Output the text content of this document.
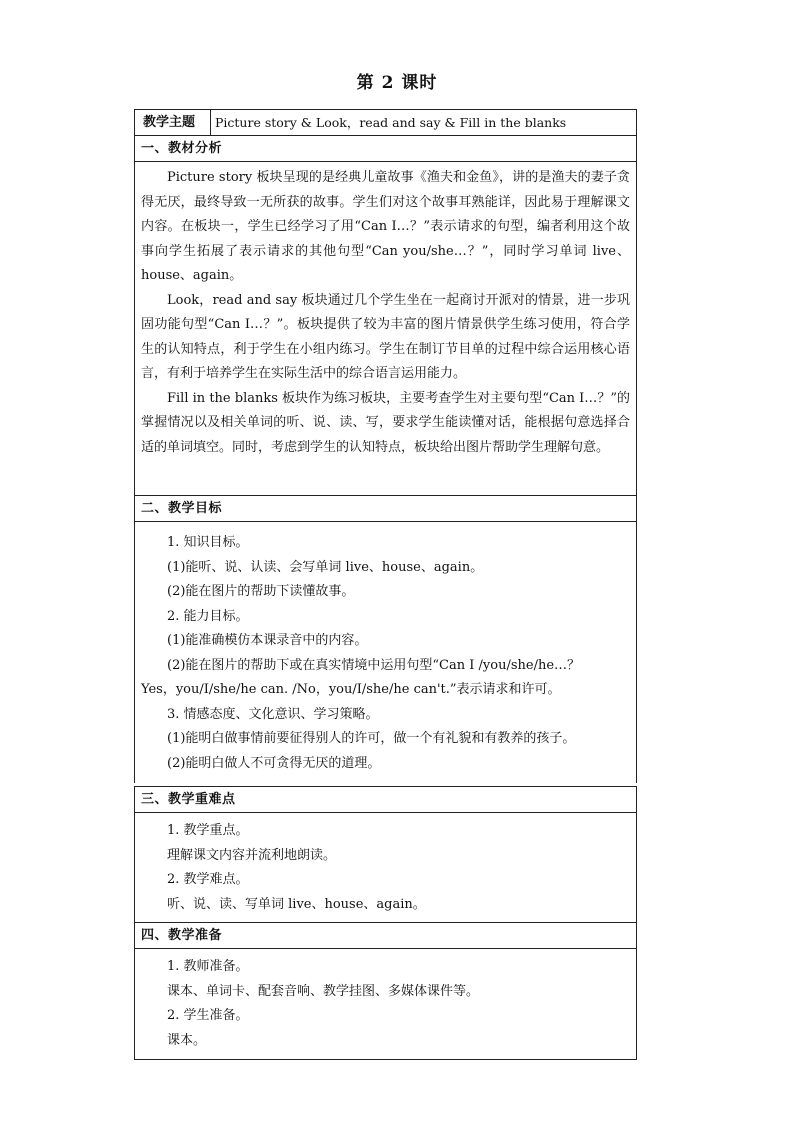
第 2 课时
教学主题	Picture story & Look，read and say & Fill in the blanks
一、教材分析

Picture story 板块呈现的是经典儿童故事《渔夫和金鱼》，讲的是渔夫的妻子贪得无厌，最终导致一无所获的故事。学生们对这个故事耳熟能详，因此易于理解课文内容。在板块一，学生已经学习了用“Can I…？”表示请求的句型，编者利用这个故事向学生拓展了表示请求的其他句型“Can you/she…？”，同时学习单词 live、house、again。

Look，read and say 板块通过几个学生坐在一起商讨开派对的情景，进一步巩固功能句型“Can I…？”。板块提供了较为丰富的图片情景供学生练习使用，符合学生的认知特点，利于学生在小组内练习。学生在制订节目单的过程中综合运用核心语言，有利于培养学生在实际生活中的综合语言运用能力。

Fill in the blanks 板块作为练习板块，主要考查学生对主要句型“Can I…？”的掌握情况以及相关单词的听、说、读、写，要求学生能读懂对话，能根据句意选择合适的单词填空。同时，考虑到学生的认知特点，板块给出图片帮助学生理解句意。

二、教学目标

1. 知识目标。

(1)能听、说、认读、会写单词 live、house、again。

(2)能在图片的帮助下读懂故事。

2. 能力目标。

(1)能准确模仿本课录音中的内容。

(2)能在图片的帮助下或在真实情境中运用句型“Can I /you/she/he…？

Yes，you/I/she/he can. /No，you/I/she/he can't.”表示请求和许可。

3. 情感态度、文化意识、学习策略。

(1)能明白做事情前要征得别人的许可，做一个有礼貌和有教养的孩子。

(2)能明白做人不可贪得无厌的道理。

三、教学重难点

1. 教学重点。

理解课文内容并流利地朗读。

2. 教学难点。

听、说、读、写单词 live、house、again。

四、教学准备

1. 教师准备。

课本、单词卡、配套音响、教学挂图、多媒体课件等。

2. 学生准备。

课本。
